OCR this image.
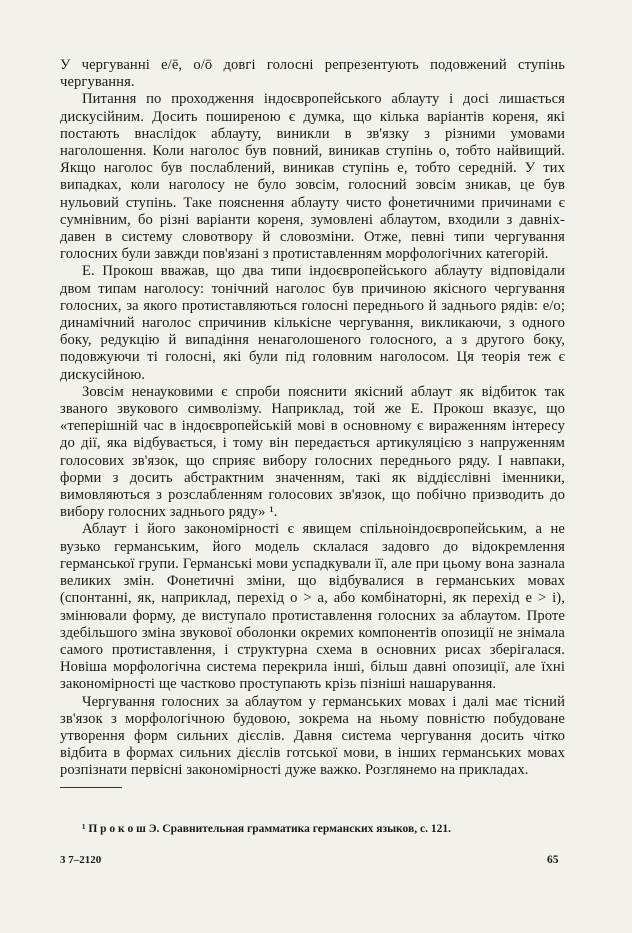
У чергуванні е/ē, o/ō довгі голосні репрезентують подовжений ступінь чергування.

Питання по проходження індоєвропейського аблауту і досі лишається дискусійним. Досить поширеною є думка, що кілька варіантів кореня, які постають внаслідок аблауту, виникли в зв'язку з різними умовами наголошення. Коли наголос був повний, виникав ступінь о, тобто найвищий. Якщо наголос був послаблений, виникав ступінь е, тобто середній. У тих випадках, коли наголосу не було зовсім, голосний зовсім зникав, це був нульовий ступінь. Таке пояснення аблауту чисто фонетичними причинами є сумнівним, бо різні варіанти кореня, зумовлені аблаутом, входили з давніх-давен в систему словотвору й словозміни. Отже, певні типи чергування голосних були завжди пов'язані з протиставленням морфологічних категорій.

Е. Прокош вважав, що два типи індоєвропейського аблауту відповідали двом типам наголосу: тонічний наголос був причиною якісного чергування голосних, за якого протиставляються голосні переднього й заднього рядів: е/о; динамічний наголос спричинив кількісне чергування, викликаючи, з одного боку, редукцію й випадіння ненаголошеного голосного, а з другого боку, подовжуючи ті голосні, які були під головним наголосом. Ця теорія теж є дискусійною.

Зовсім ненауковими є спроби пояснити якісний аблаут як відбиток так званого звукового символізму. Наприклад, той же Е. Прокош вказує, що «теперішній час в індоєвропейській мові в основному є вираженням інтересу до дії, яка відбувається, і тому він передається артикуляцією з напруженням голосових зв'язок, що сприяє вибору голосних переднього ряду. І навпаки, форми з досить абстрактним значенням, такі як віддієслівні іменники, вимовляються з розслабленням голосових зв'язок, що побічно призводить до вибору голосних заднього ряду» ¹.

Аблаут і його закономірності є явищем спільноіндоєвропейським, а не вузько германським, його модель склалася задовго до відокремлення германської групи. Германські мови успадкували її, але при цьому вона зазнала великих змін. Фонетичні зміни, що відбувалися в германських мовах (спонтанні, як, наприклад, перехід о > а, або комбінаторні, як перехід е > і), змінювали форму, де виступало протиставлення голосних за аблаутом. Проте здебільшого зміна звукової оболонки окремих компонентів опозиції не знімала самого протиставлення, і структурна схема в основних рисах зберігалася. Новіша морфологічна система перекрила інші, більш давні опозиції, але їхні закономірності ще частково проступають крізь пізніші нашарування.

Чергування голосних за аблаутом у германських мовах і далі має тісний зв'язок з морфологічною будовою, зокрема на ньому повністю побудоване утворення форм сильних дієслів. Давня система чергування досить чітко відбита в формах сильних дієслів готської мови, в інших германських мовах розпізнати первісні закономірності дуже важко. Розглянемо на прикладах.

¹ П р о к о ш Э. Сравнительная грамматика германских языков, с. 121.
3 7–2120	65
